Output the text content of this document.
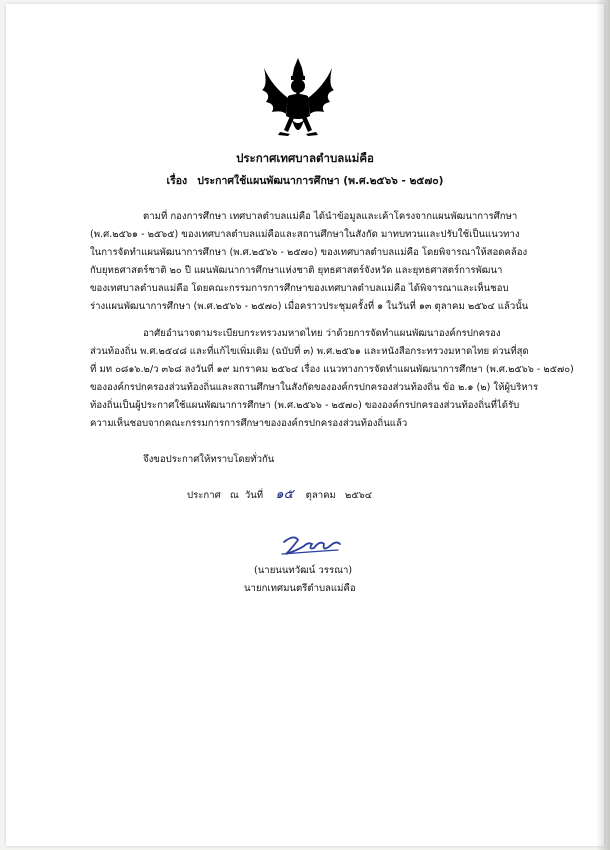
ประกาศเทศบาลตำบลแม่คือ
เรื่อง ประกาศใช้แผนพัฒนาการศึกษา (พ.ศ.๒๕๖๖ - ๒๕๗๐)
ตามที่ กองการศึกษา เทศบาลตำบลแม่คือ ได้นำข้อมูลและเค้าโครงจากแผนพัฒนาการศึกษา
(พ.ศ.๒๕๖๑ - ๒๕๖๕) ของเทศบาลตำบลแม่คือและสถานศึกษาในสังกัด มาทบทวนและปรับใช้เป็นแนวทาง
ในการจัดทำแผนพัฒนาการศึกษา (พ.ศ.๒๕๖๖ - ๒๕๗๐) ของเทศบาลตำบลแม่คือ โดยพิจารณาให้สอดคล้อง
กับยุทธศาสตร์ชาติ ๒๐ ปี แผนพัฒนาการศึกษาแห่งชาติ ยุทธศาสตร์จังหวัด และยุทธศาสตร์การพัฒนา
ของเทศบาลตำบลแม่คือ โดยคณะกรรมการการศึกษาของเทศบาลตำบลแม่คือ ได้พิจารณาและเห็นชอบ
ร่างแผนพัฒนาการศึกษา (พ.ศ.๒๕๖๖ - ๒๕๗๐) เมื่อคราวประชุมครั้งที่ ๑ ในวันที่ ๑๓ ตุลาคม ๒๕๖๔ แล้วนั้น
อาศัยอำนาจตามระเบียบกระทรวงมหาดไทย ว่าด้วยการจัดทำแผนพัฒนาองค์กรปกครอง
ส่วนท้องถิ่น พ.ศ.๒๕๔๘ และที่แก้ไขเพิ่มเติม (ฉบับที่ ๓) พ.ศ.๒๕๖๑ และหนังสือกระทรวงมหาดไทย ด่วนที่สุด
ที่ มท ๐๘๑๖.๒/ว ๓๖๘ ลงวันที่ ๑๙ มกราคม ๒๕๖๔ เรื่อง แนวทางการจัดทำแผนพัฒนาการศึกษา (พ.ศ.๒๕๖๖ - ๒๕๗๐)
ขององค์กรปกครองส่วนท้องถิ่นและสถานศึกษาในสังกัดขององค์กรปกครองส่วนท้องถิ่น ข้อ ๒.๑ (๒) ให้ผู้บริหาร
ท้องถิ่นเป็นผู้ประกาศใช้แผนพัฒนาการศึกษา (พ.ศ.๒๕๖๖ - ๒๕๗๐) ขององค์กรปกครองส่วนท้องถิ่นที่ได้รับ
ความเห็นชอบจากคณะกรรมการการศึกษาขององค์กรปกครองส่วนท้องถิ่นแล้ว
จึงขอประกาศให้ทราบโดยทั่วกัน
ประกาศ ณ วันที่ ๑๕ ตุลาคม ๒๕๖๔
(นายนนทวัฒน์ วรรณา)
นายกเทศมนตรีตำบลแม่คือ
